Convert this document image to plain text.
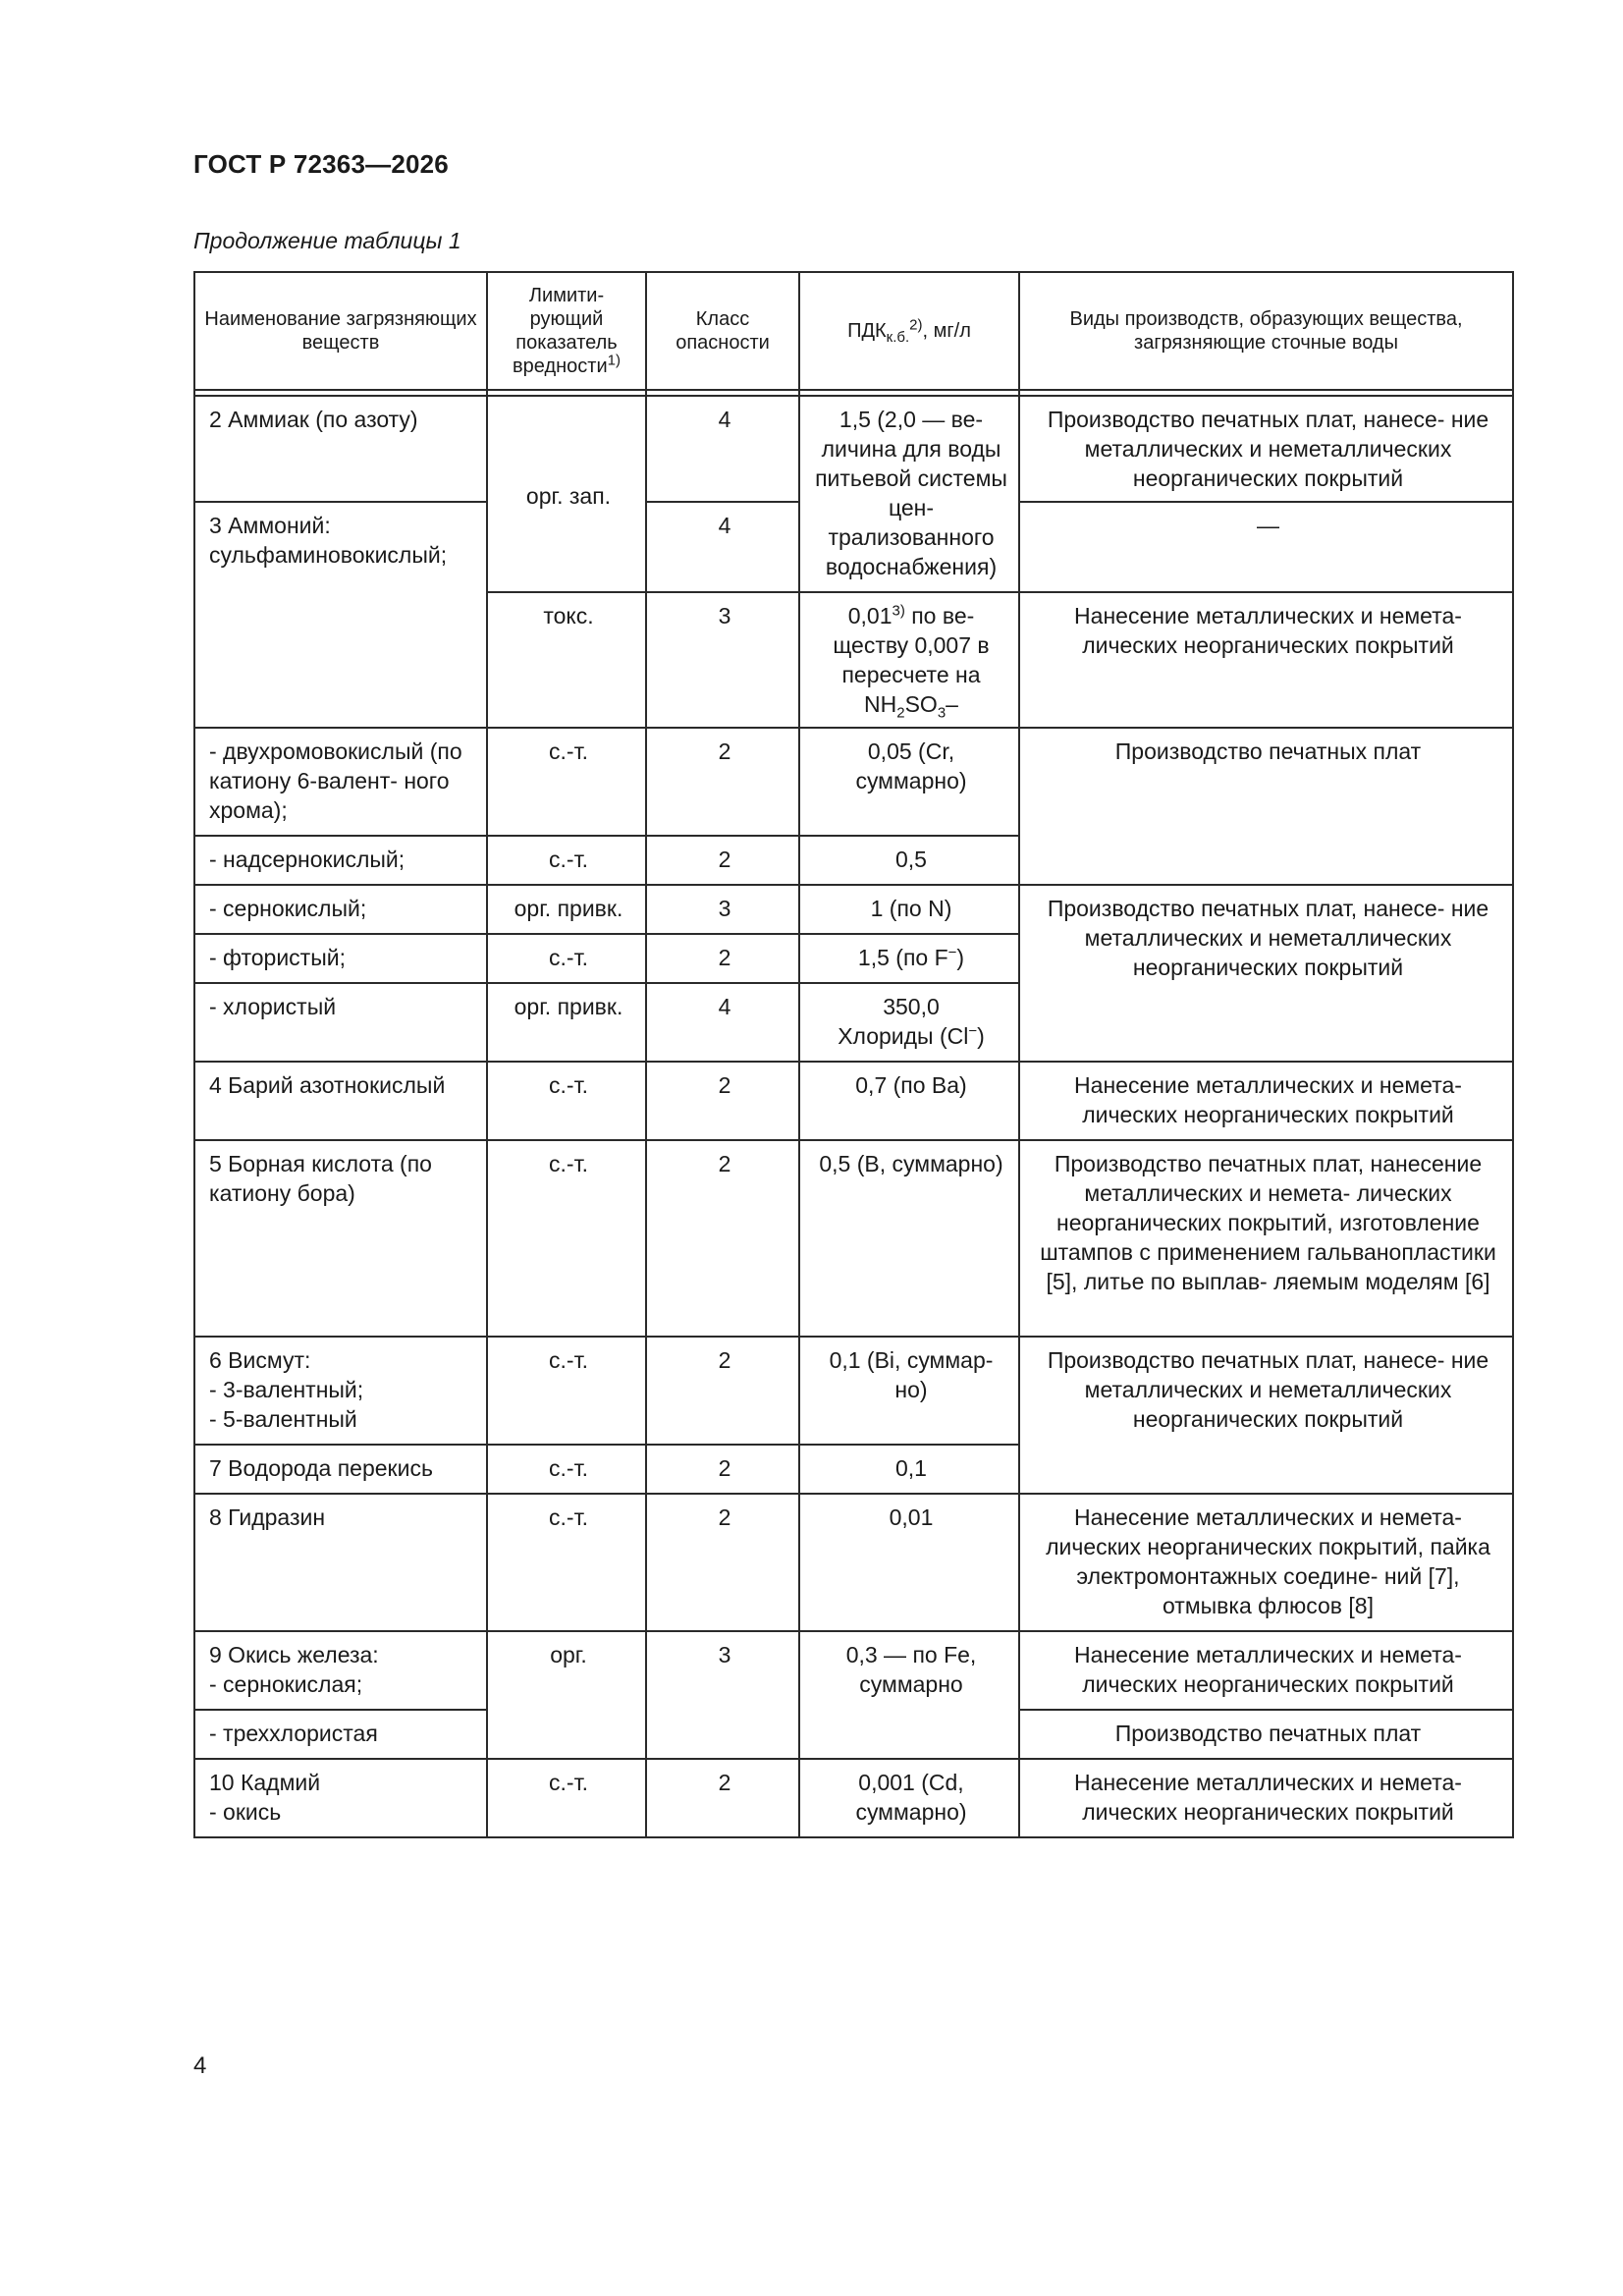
ГОСТ Р 72363—2026

Продолжение таблицы 1

Наименование загрязняющих веществ	Лимити- рующий показатель вредности$^{1)}$	Класс опасности	$ПДК_{к.б.}^{2)}$, мг/л	Виды производств, образующих вещества, загрязняющие сточные воды

2 Аммиак (по азоту)	орг. зап.	4	1,5 (2,0 — ве- личина для воды питьевой системы цен- трализованного водоснабжения)	Производство печатных плат, нанесе- ние металлических и неметаллических неорганических покрытий

3 Аммоний:
сульфаминовокислый;		4		—
	токс.	3	0,01$^{3)}$ по ве- ществу 0,007 в пересчете на $NH_2SO_3-$	Нанесение металлических и немета- лических неорганических покрытий
- двухромовокислый (по катиону 6-валент- ного хрома);	с.-т.	2	0,05 (Cr, суммарно)	Производство печатных плат
- надсернокислый;	с.-т.	2	0,5	
- сернокислый;	орг. привк.	3	1 (по N)	Производство печатных плат, нанесе- ние металлических и неметаллических неорганических покрытий
- фтористый;	с.-т.	2	1,5 (по F−)	
- хлористый	орг. привк.	4	350,0
Хлориды (Cl−)	
4 Барий азотнокислый	с.-т.	2	0,7 (по Ba)	Нанесение металлических и немета- лических неорганических покрытий
5 Борная кислота (по катиону бора)	с.-т.	2	0,5 (B, суммарно)	Производство печатных плат, нанесение металлических и немета- лических неорганических покрытий, изготовление штампов с применением гальванопластики [5], литье по выплав- ляемым моделям [6]

6 Висмут:
- 3-валентный;
- 5-валентный	с.-т.	2	0,1 (Bi, суммар- но)	Производство печатных плат, нанесе- ние металлических и неметаллических неорганических покрытий
7 Водорода перекись	с.-т.	2	0,1	
8 Гидразин	с.-т.	2	0,01	Нанесение металлических и немета- лических неорганических покрытий, пайка электромонтажных соедине- ний [7], отмывка флюсов [8]

9 Окись железа:
- сернокислая;	орг.	3	0,3 — по Fe, суммарно	Нанесение металлических и немета- лических неорганических покрытий
- треххлористая				Производство печатных плат

10 Кадмий
- окись	с.-т.	2	0,001 (Cd, суммарно)	Нанесение металлических и немета- лических неорганических покрытий

4
